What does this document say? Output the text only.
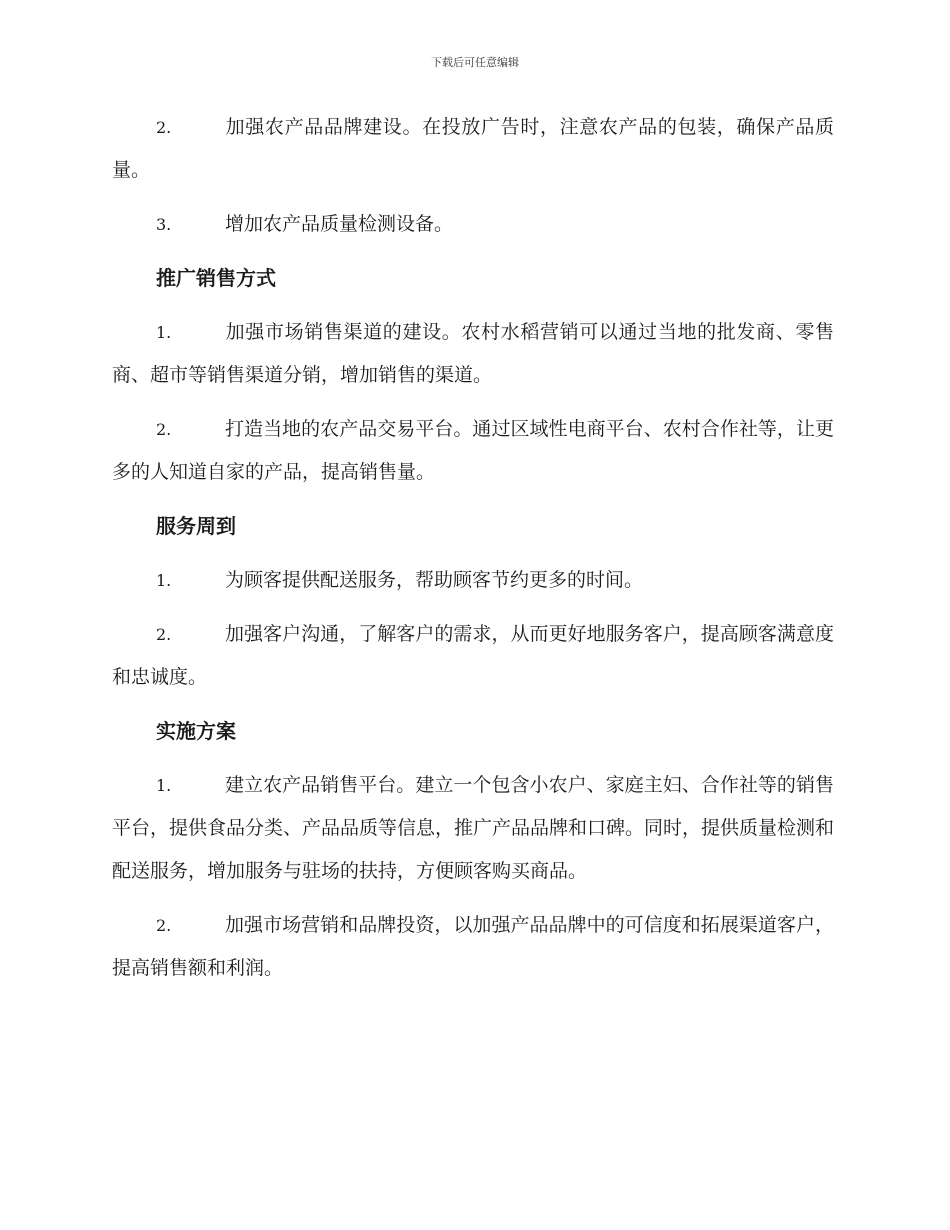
下载后可任意编辑

2.	加强农产品品牌建设。在投放广告时，注意农产品的包装，确保产品质量。

3.	增加农产品质量检测设备。

推广销售方式

1.	加强市场销售渠道的建设。农村水稻营销可以通过当地的批发商、零售商、超市等销售渠道分销，增加销售的渠道。

2.	打造当地的农产品交易平台。通过区域性电商平台、农村合作社等，让更多的人知道自家的产品，提高销售量。

服务周到

1.	为顾客提供配送服务，帮助顾客节约更多的时间。

2.	加强客户沟通，了解客户的需求，从而更好地服务客户，提高顾客满意度和忠诚度。

实施方案

1.	建立农产品销售平台。建立一个包含小农户、家庭主妇、合作社等的销售平台，提供食品分类、产品品质等信息，推广产品品牌和口碑。同时，提供质量检测和配送服务，增加服务与驻场的扶持，方便顾客购买商品。

2.	加强市场营销和品牌投资，以加强产品品牌中的可信度和拓展渠道客户，提高销售额和利润。
